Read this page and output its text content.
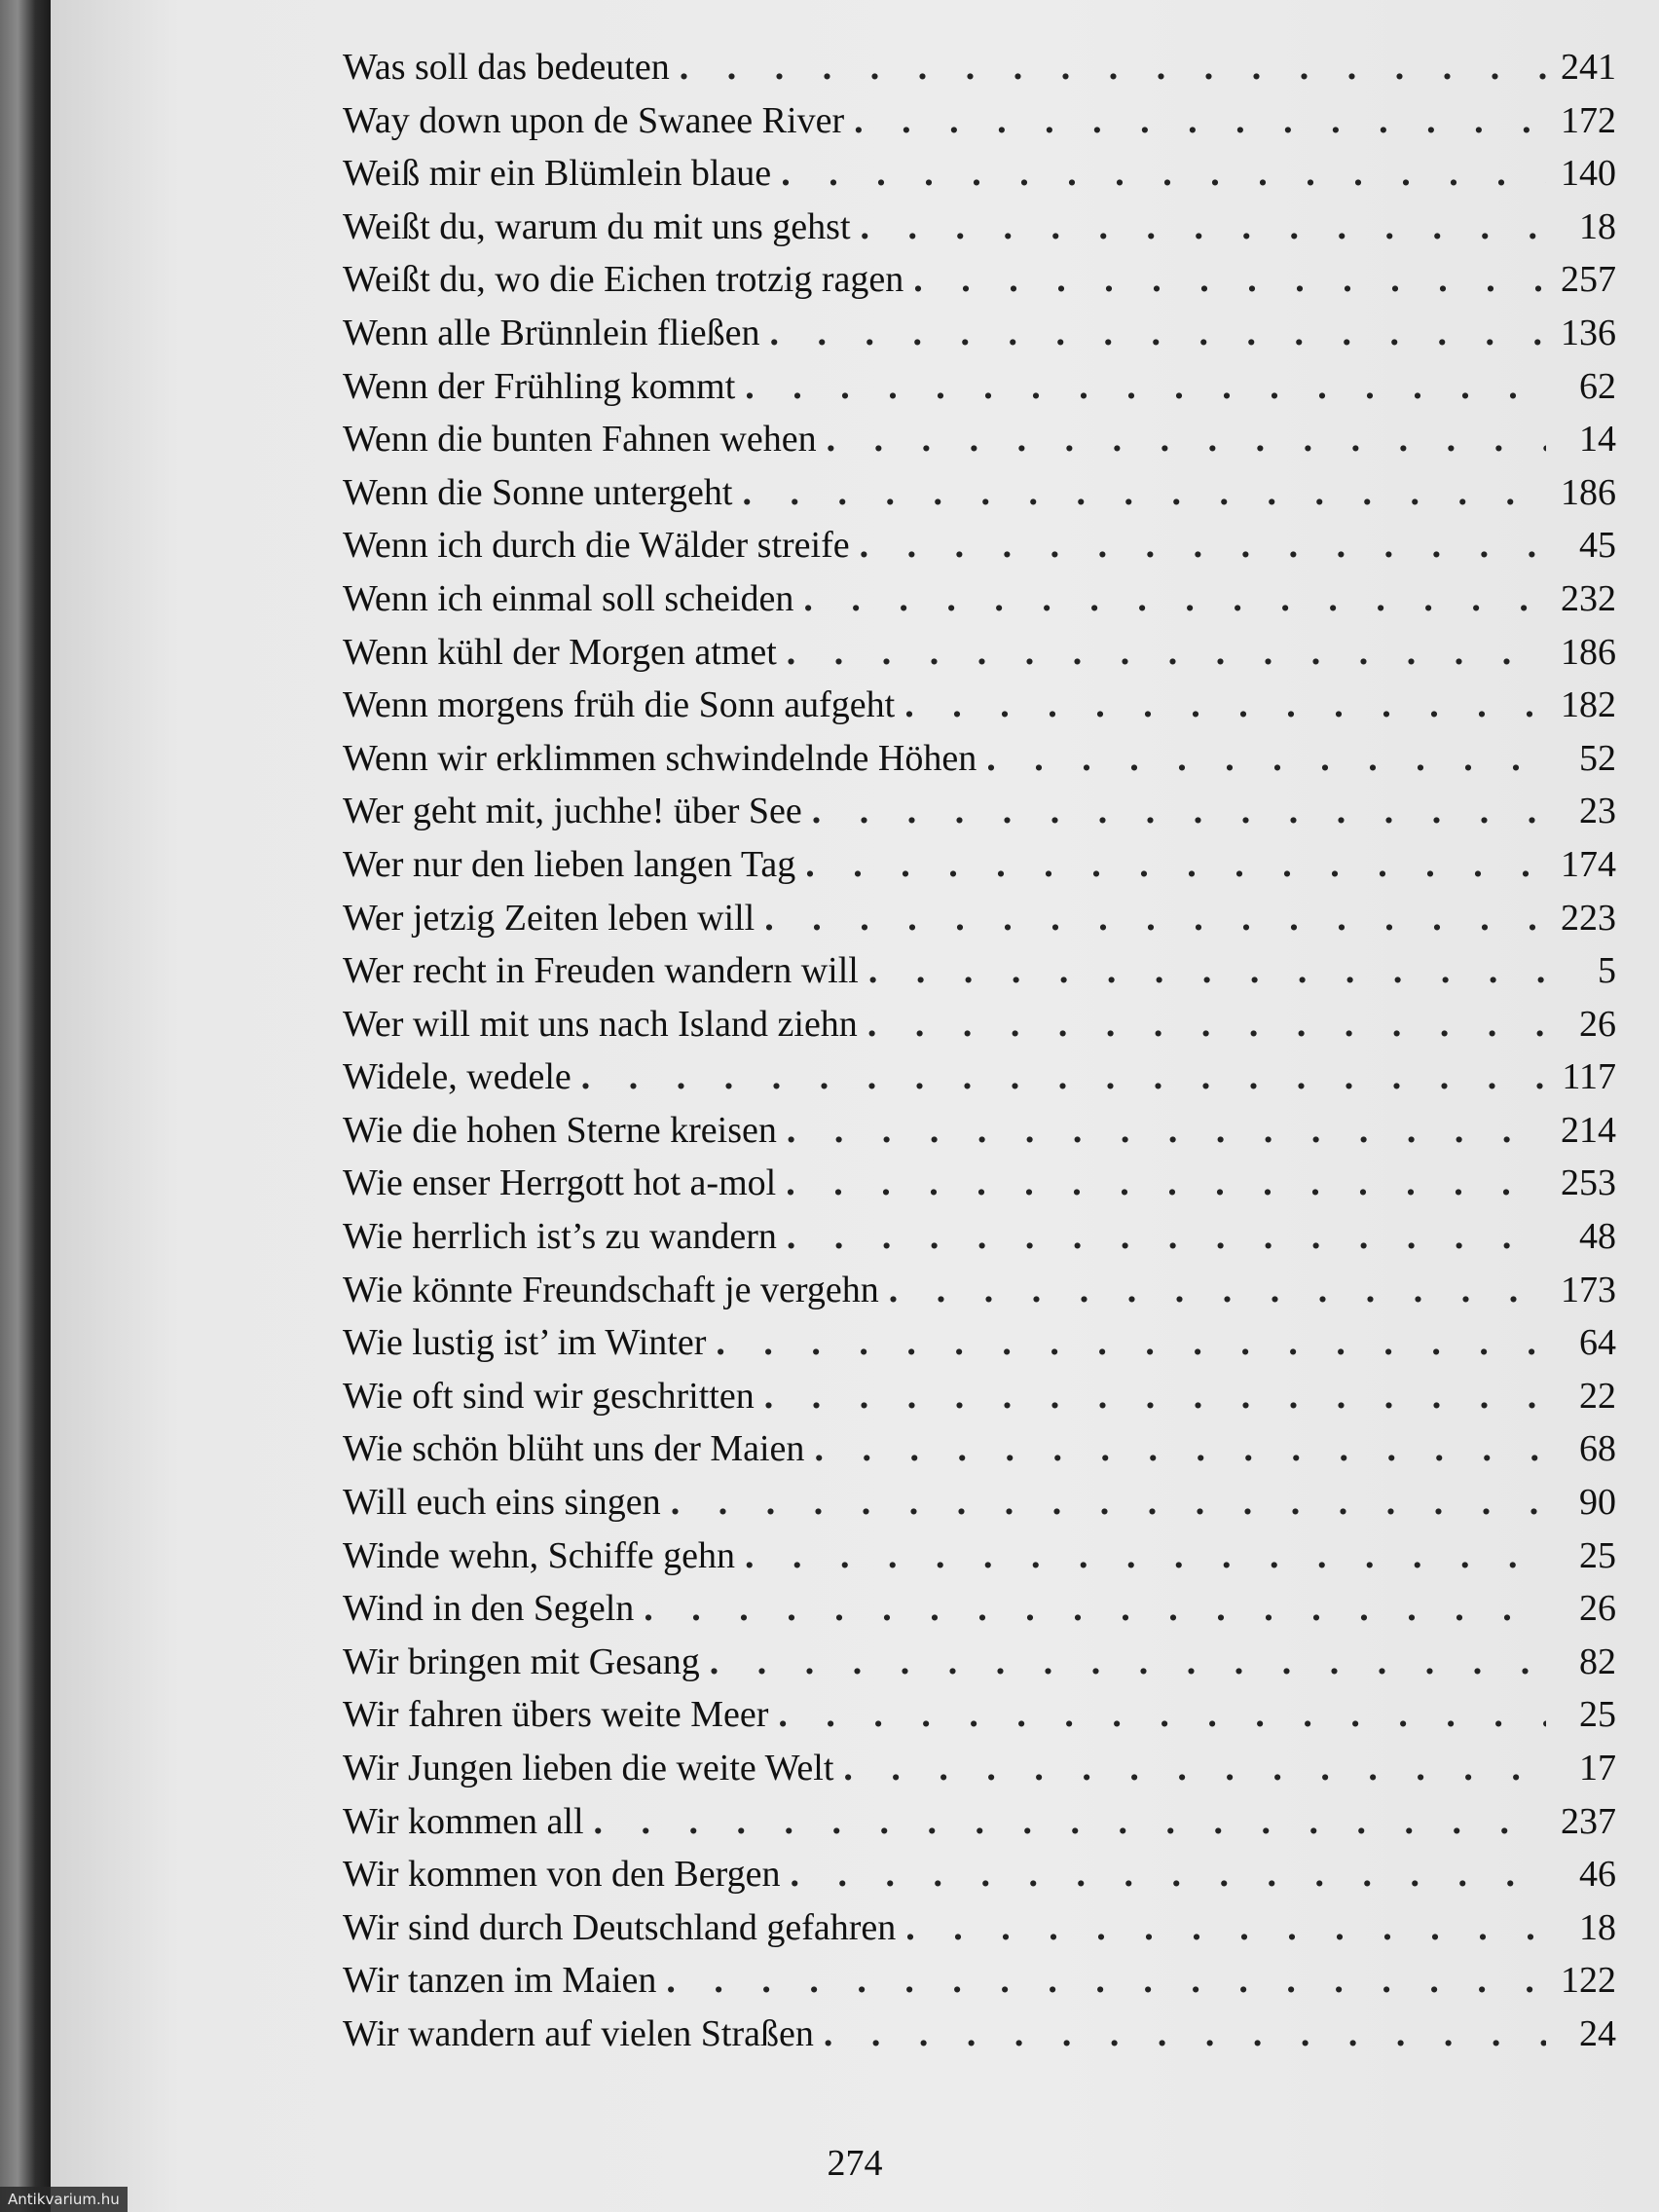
Was soll das bedeuten . . .	241
Way down upon de Swanee River . . .	172
Weiß mir ein Blümlein blaue . . .	140
Weißt du, warum du mit uns gehst . . .	18
Weißt du, wo die Eichen trotzig ragen . . .	257
Wenn alle Brünnlein fließen . . .	136
Wenn der Frühling kommt . . .	62
Wenn die bunten Fahnen wehen . . .	14
Wenn die Sonne untergeht . . .	186
Wenn ich durch die Wälder streife . . .	45
Wenn ich einmal soll scheiden . . .	232
Wenn kühl der Morgen atmet . . .	186
Wenn morgens früh die Sonn aufgeht . . .	182
Wenn wir erklimmen schwindelnde Höhen . . .	52
Wer geht mit, juchhe! über See . . .	23
Wer nur den lieben langen Tag . . .	174
Wer jetzig Zeiten leben will . . .	223
Wer recht in Freuden wandern will . . .	5
Wer will mit uns nach Island ziehn . . .	26
Widele, wedele . . .	117
Wie die hohen Sterne kreisen . . .	214
Wie enser Herrgott hot a-mol . . .	253
Wie herrlich ist’s zu wandern . . .	48
Wie könnte Freundschaft je vergehn . . .	173
Wie lustig ist’ im Winter . . .	64
Wie oft sind wir geschritten . . .	22
Wie schön blüht uns der Maien . . .	68
Will euch eins singen . . .	90
Winde wehn, Schiffe gehn . . .	25
Wind in den Segeln . . .	26
Wir bringen mit Gesang . . .	82
Wir fahren übers weite Meer . . .	25
Wir Jungen lieben die weite Welt . . .	17
Wir kommen all . . .	237
Wir kommen von den Bergen . . .	46
Wir sind durch Deutschland gefahren . . .	18
Wir tanzen im Maien . . .	122
Wir wandern auf vielen Straßen . . .	24
274
Antikvarium.hu
